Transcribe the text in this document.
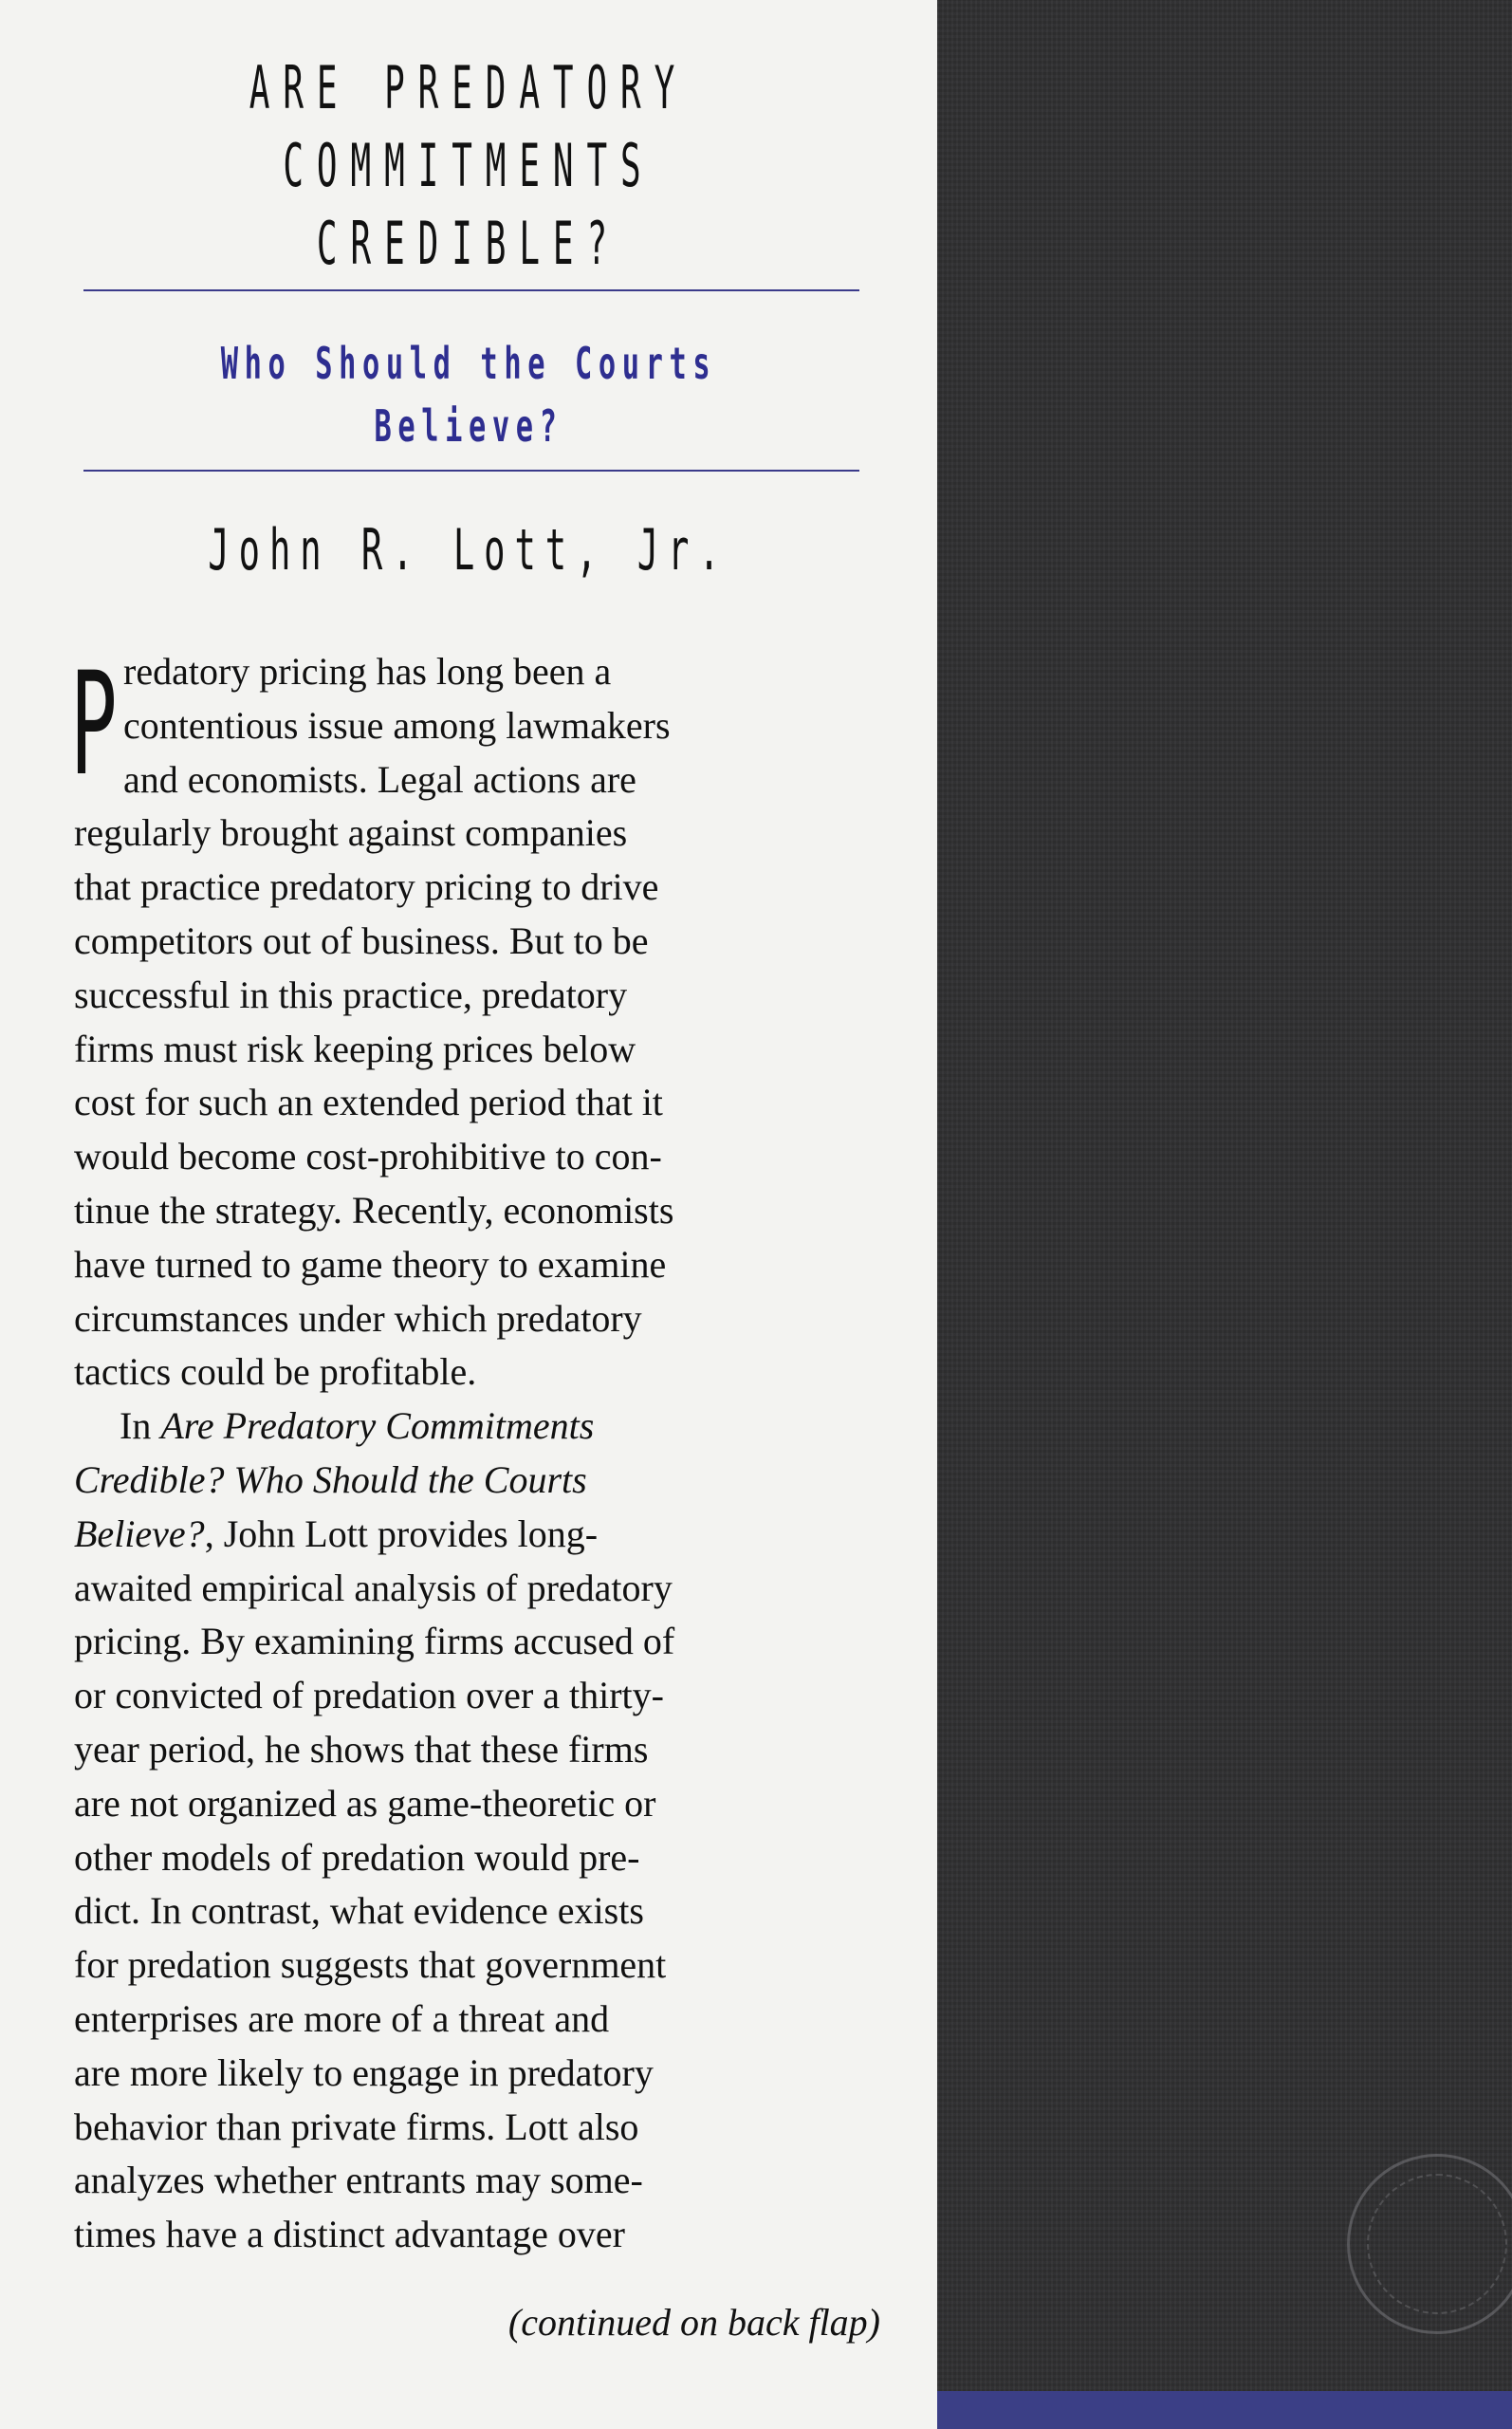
ARE PREDATORY
COMMITMENTS
CREDIBLE?
Who Should the Courts
Believe?
John R. Lott, Jr.
P redatory pricing has long been a
contentious issue among lawmakers
and economists. Legal actions are
regularly brought against companies
that practice predatory pricing to drive
competitors out of business. But to be
successful in this practice, predatory
firms must risk keeping prices below
cost for such an extended period that it
would become cost-prohibitive to con-
tinue the strategy. Recently, economists
have turned to game theory to examine
circumstances under which predatory
tactics could be profitable.
In Are Predatory Commitments
Credible? Who Should the Courts
Believe?, John Lott provides long-
awaited empirical analysis of predatory
pricing. By examining firms accused of
or convicted of predation over a thirty-
year period, he shows that these firms
are not organized as game-theoretic or
other models of predation would pre-
dict. In contrast, what evidence exists
for predation suggests that government
enterprises are more of a threat and
are more likely to engage in predatory
behavior than private firms. Lott also
analyzes whether entrants may some-
times have a distinct advantage over
(continued on back flap)
